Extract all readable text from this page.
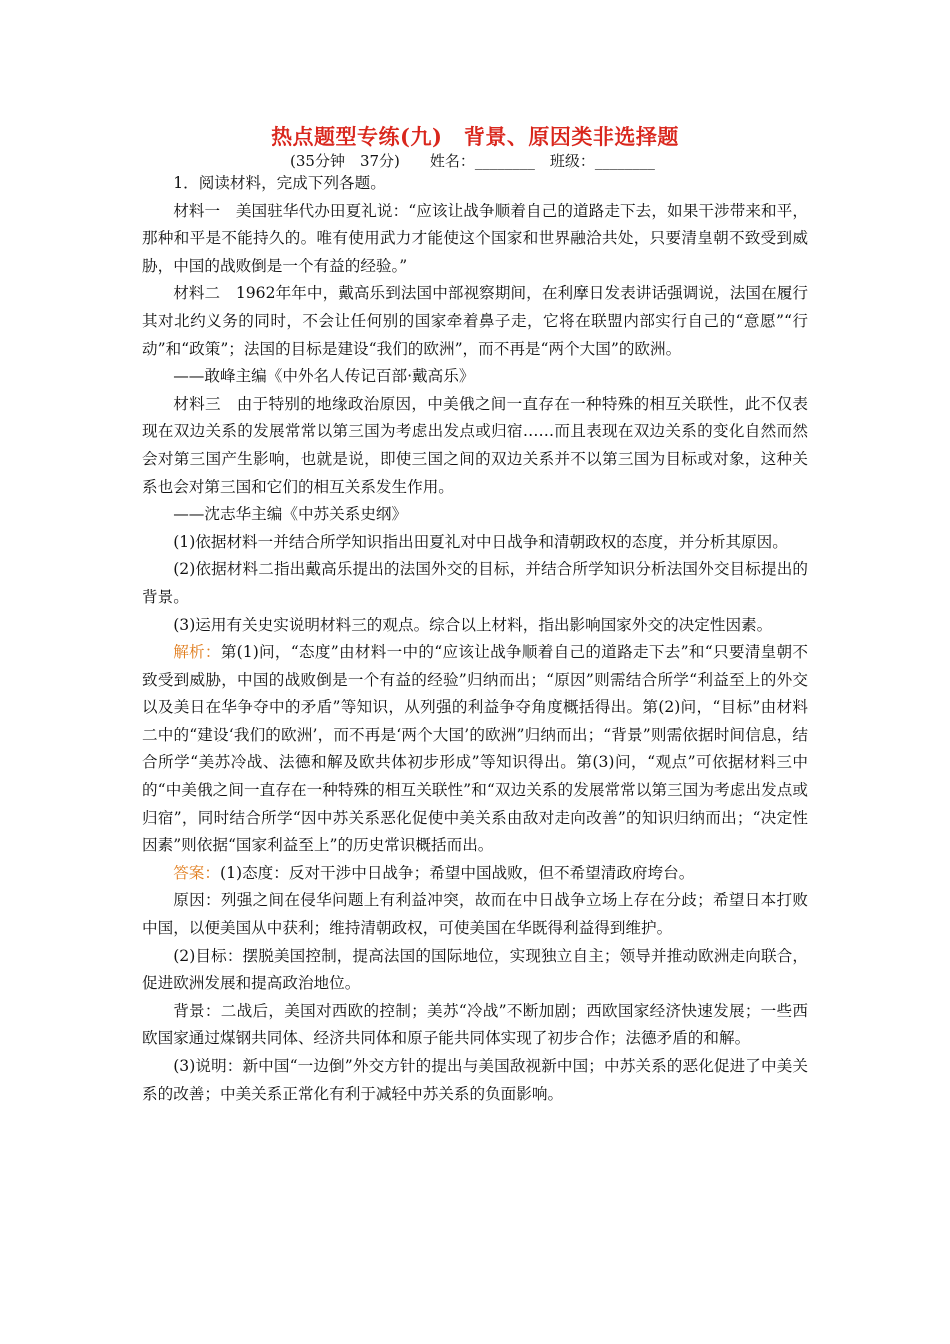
热点题型专练(九)　背景、原因类非选择题
(35分钟　37分)　　姓名：________　班级：________

1．阅读材料，完成下列各题。

材料一　美国驻华代办田夏礼说：“应该让战争顺着自己的道路走下去，如果干涉带来和平，那种和平是不能持久的。唯有使用武力才能使这个国家和世界融洽共处，只要清皇朝不致受到威胁，中国的战败倒是一个有益的经验。”

材料二　1962年年中，戴高乐到法国中部视察期间，在利摩日发表讲话强调说，法国在履行其对北约义务的同时，不会让任何别的国家牵着鼻子走，它将在联盟内部实行自己的“意愿”“行动”和“政策”；法国的目标是建设“我们的欧洲”，而不再是“两个大国”的欧洲。

——敢峰主编《中外名人传记百部·戴高乐》

材料三　由于特别的地缘政治原因，中美俄之间一直存在一种特殊的相互关联性，此不仅表现在双边关系的发展常常以第三国为考虑出发点或归宿……而且表现在双边关系的变化自然而然会对第三国产生影响，也就是说，即使三国之间的双边关系并不以第三国为目标或对象，这种关系也会对第三国和它们的相互关系发生作用。

——沈志华主编《中苏关系史纲》

(1)依据材料一并结合所学知识指出田夏礼对中日战争和清朝政权的态度，并分析其原因。

(2)依据材料二指出戴高乐提出的法国外交的目标，并结合所学知识分析法国外交目标提出的背景。

(3)运用有关史实说明材料三的观点。综合以上材料，指出影响国家外交的决定性因素。

解析：第(1)问，“态度”由材料一中的“应该让战争顺着自己的道路走下去”和“只要清皇朝不致受到威胁，中国的战败倒是一个有益的经验”归纳而出；“原因”则需结合所学“利益至上的外交以及美日在华争夺中的矛盾”等知识，从列强的利益争夺角度概括得出。第(2)问，“目标”由材料二中的“建设‘我们的欧洲’，而不再是‘两个大国’的欧洲”归纳而出；“背景”则需依据时间信息，结合所学“美苏冷战、法德和解及欧共体初步形成”等知识得出。第(3)问，“观点”可依据材料三中的“中美俄之间一直存在一种特殊的相互关联性”和“双边关系的发展常常以第三国为考虑出发点或归宿”，同时结合所学“因中苏关系恶化促使中美关系由敌对走向改善”的知识归纳而出；“决定性因素”则依据“国家利益至上”的历史常识概括而出。

答案：(1)态度：反对干涉中日战争；希望中国战败，但不希望清政府垮台。

原因：列强之间在侵华问题上有利益冲突，故而在中日战争立场上存在分歧；希望日本打败中国，以便美国从中获利；维持清朝政权，可使美国在华既得利益得到维护。

(2)目标：摆脱美国控制，提高法国的国际地位，实现独立自主；领导并推动欧洲走向联合，促进欧洲发展和提高政治地位。

背景：二战后，美国对西欧的控制；美苏“冷战”不断加剧；西欧国家经济快速发展；一些西欧国家通过煤钢共同体、经济共同体和原子能共同体实现了初步合作；法德矛盾的和解。

(3)说明：新中国“一边倒”外交方针的提出与美国敌视新中国；中苏关系的恶化促进了中美关系的改善；中美关系正常化有利于减轻中苏关系的负面影响。
